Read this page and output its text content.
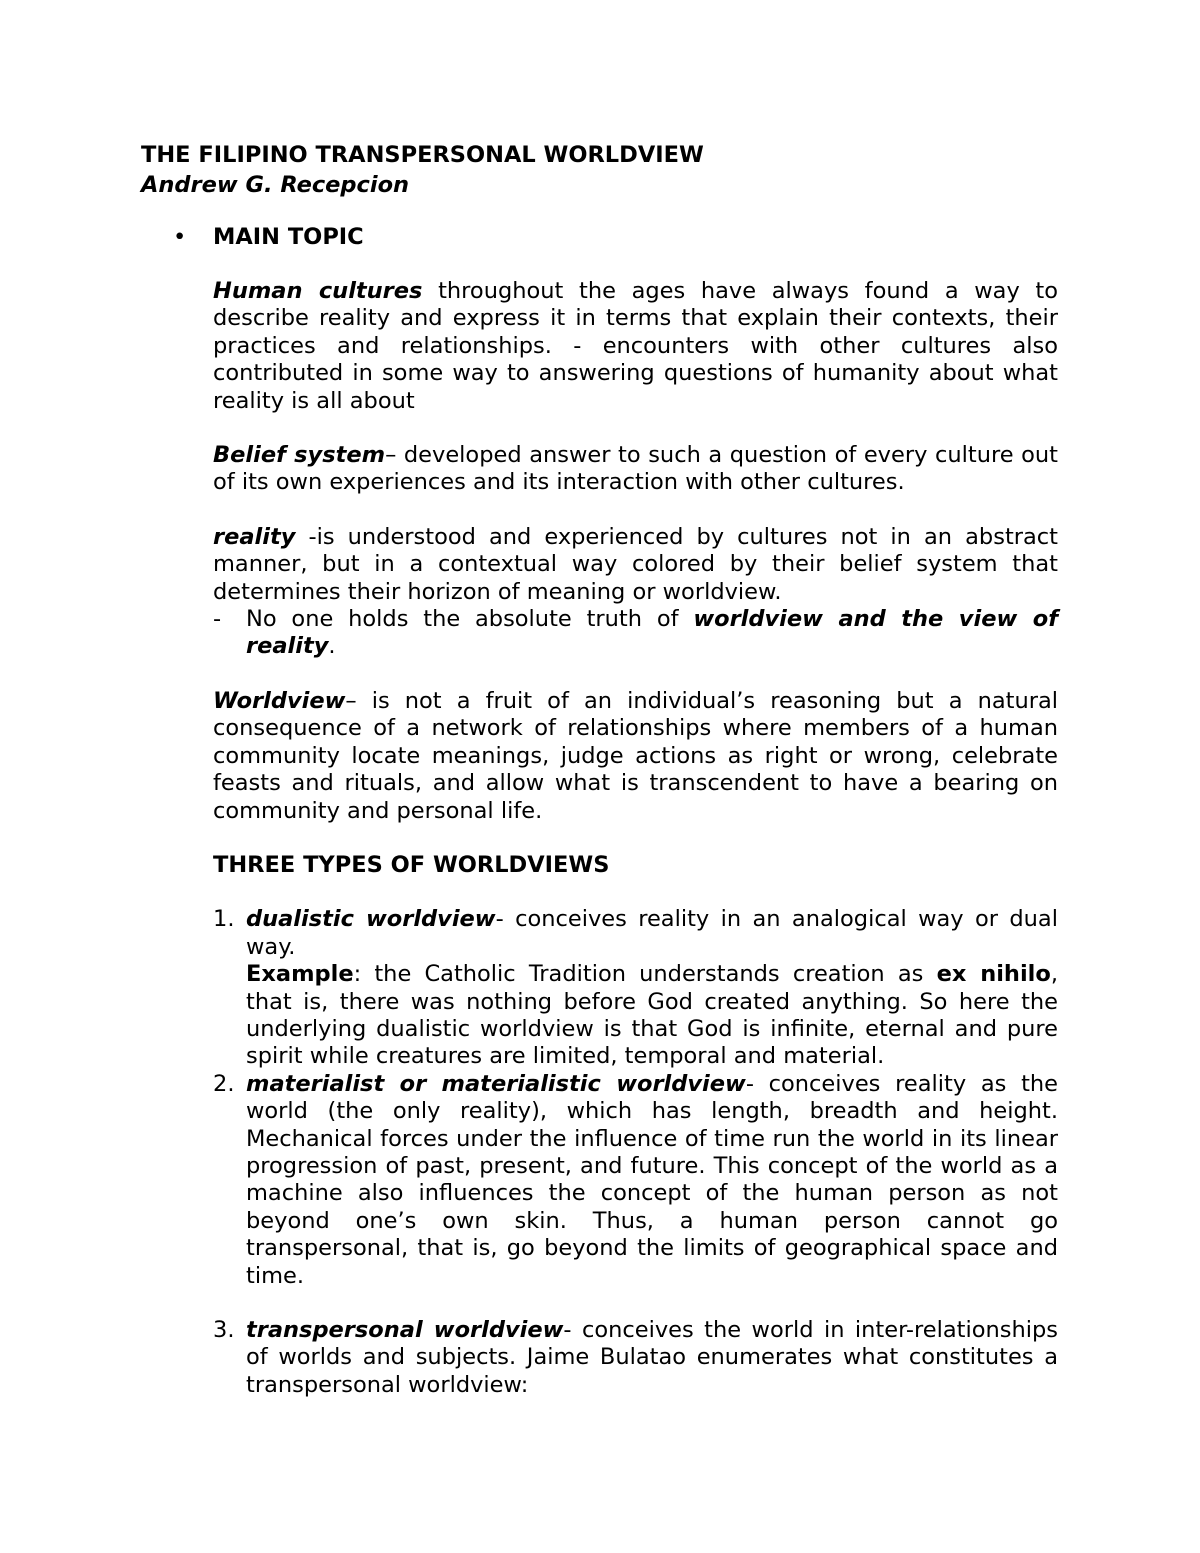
THE FILIPINO TRANSPERSONAL WORLDVIEW

Andrew G. Recepcion

• MAIN TOPIC

Human cultures throughout the ages have always found a way to describe reality and express it in terms that explain their contexts, their practices and relationships. - encounters with other cultures also contributed in some way to answering questions of humanity about what reality is all about

Belief system– developed answer to such a question of every culture out of its own experiences and its interaction with other cultures.

reality -is understood and experienced by cultures not in an abstract manner, but in a contextual way colored by their belief system that determines their horizon of meaning or worldview.

- No one holds the absolute truth of worldview and the view of reality.

Worldview– is not a fruit of an individual’s reasoning but a natural consequence of a network of relationships where members of a human community locate meanings, judge actions as right or wrong, celebrate feasts and rituals, and allow what is transcendent to have a bearing on community and personal life.

THREE TYPES OF WORLDVIEWS

1. dualistic worldview- conceives reality in an analogical way or dual way.
Example: the Catholic Tradition understands creation as ex nihilo, that is, there was nothing before God created anything. So here the underlying dualistic worldview is that God is infinite, eternal and pure spirit while creatures are limited, temporal and material.

2. materialist or materialistic worldview- conceives reality as the world (the only reality), which has length, breadth and height. Mechanical forces under the influence of time run the world in its linear progression of past, present, and future. This concept of the world as a machine also influences the concept of the human person as not beyond one’s own skin. Thus, a human person cannot go transpersonal, that is, go beyond the limits of geographical space and time.

3. transpersonal worldview- conceives the world in inter-relationships of worlds and subjects. Jaime Bulatao enumerates what constitutes a transpersonal worldview:
